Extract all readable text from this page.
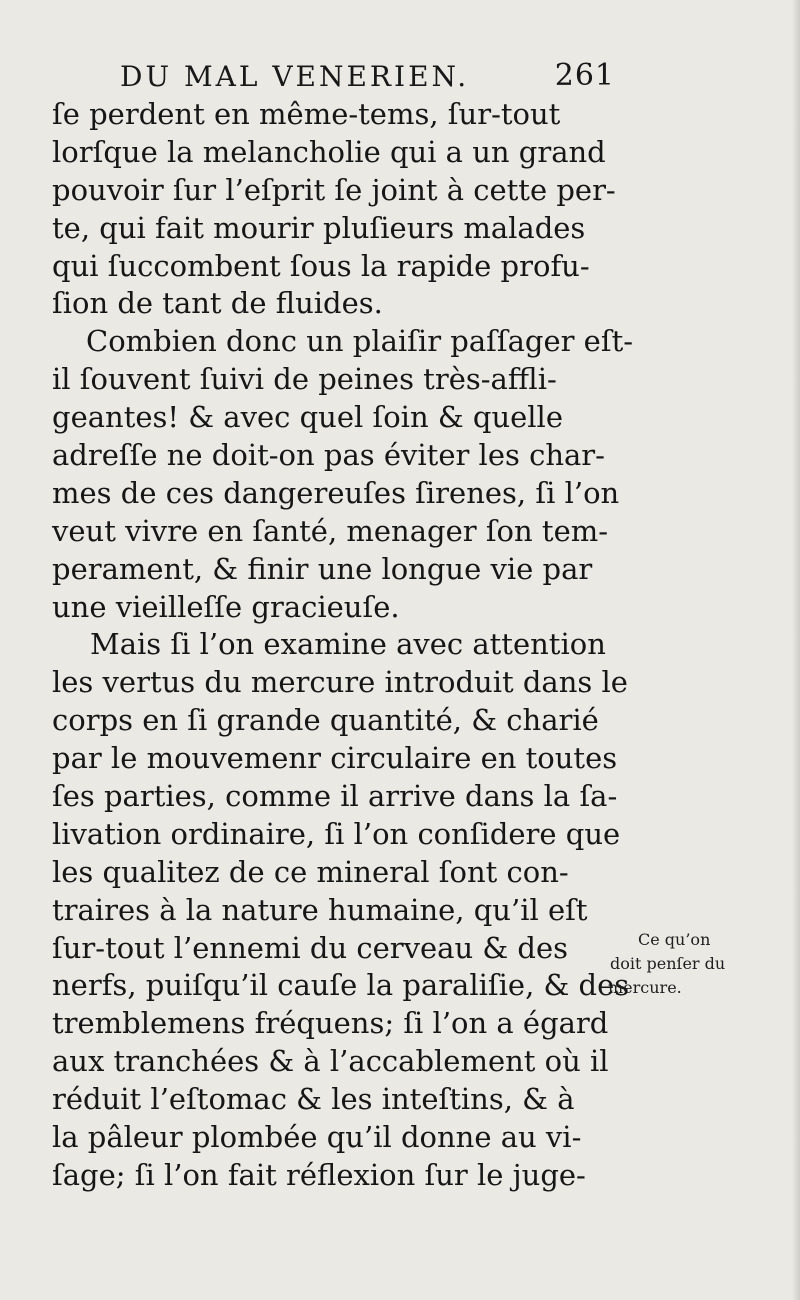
DU MAL VENERIEN.	261
ſe perdent en même-tems, ſur-tout
lorſque la melancholie qui a un grand
pouvoir ſur l’eſprit ſe joint à cette per-
te, qui fait mourir pluſieurs malades
qui ſuccombent ſous la rapide profu-
ſion de tant de fluides.
Combien donc un plaiſir paſſager eſt-
il ſouvent ſuivi de peines très-affli-
geantes! & avec quel ſoin & quelle
adreſſe ne doit-on pas éviter les char-
mes de ces dangereuſes ſirenes, ſi l’on
veut vivre en ſanté, menager ſon tem-
perament, & finir une longue vie par
une vieilleſſe gracieuſe.
Mais ſi l’on examine avec attention
les vertus du mercure introduit dans le
corps en ſi grande quantité, & charié
par le mouvemenr circulaire en toutes
ſes parties, comme il arrive dans la ſa-
livation ordinaire, ſi l’on conſidere que
les qualitez de ce mineral ſont con-
traires à la nature humaine, qu’il eſt
ſur-tout l’ennemi du cerveau & des
nerfs, puiſqu’il cauſe la paraliſie, & des
tremblemens fréquens; ſi l’on a égard
aux tranchées & à l’accablement où il
réduit l’eſtomac & les inteſtins, & à
la pâleur plombée qu’il donne au vi-
ſage; ſi l’on fait réflexion ſur le juge-
Ce qu’on
doit penſer du
mercure.
